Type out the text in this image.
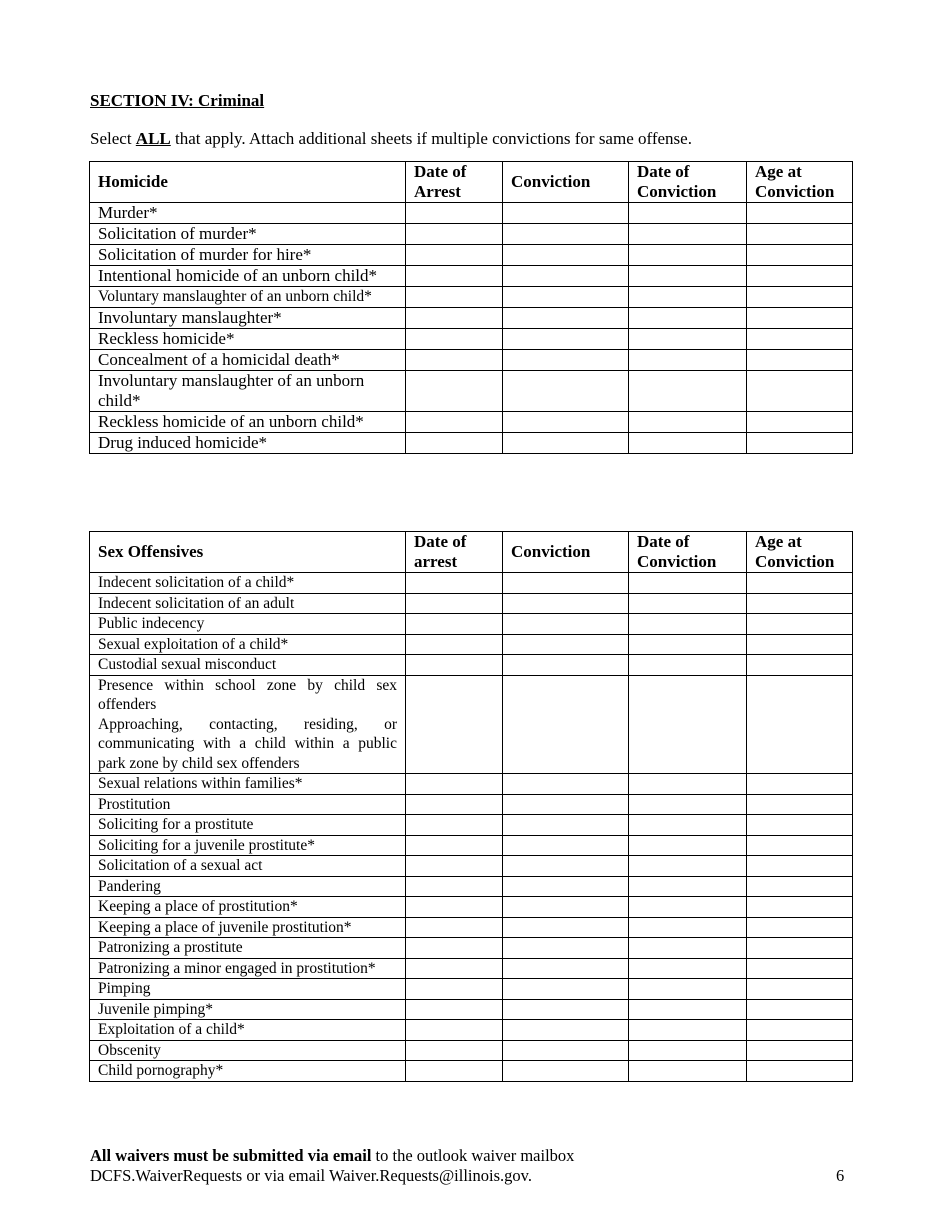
SECTION IV: Criminal
Select ALL that apply. Attach additional sheets if multiple convictions for same offense.
Homicide	Date of Arrest	Conviction	Date of Conviction	Age at Conviction
Murder*				
Solicitation of murder*				
Solicitation of murder for hire*				
Intentional homicide of an unborn child*				
Voluntary manslaughter of an unborn child*				
Involuntary manslaughter*				
Reckless homicide*				
Concealment of a homicidal death*				
Involuntary manslaughter of an unborn child*				
Reckless homicide of an unborn child*				
Drug induced homicide*				
Sex Offensives	Date of arrest	Conviction	Date of Conviction	Age at Conviction
Indecent solicitation of a child*				
Indecent solicitation of an adult				
Public indecency				
Sexual exploitation of a child*				
Custodial sexual misconduct				

Presence within school zone by child sex offenders
Approaching, contacting, residing, or communicating with a child within a public park zone by child sex offenders				

Sexual relations within families*				
Prostitution				
Soliciting for a prostitute				
Soliciting for a juvenile prostitute*				
Solicitation of a sexual act				
Pandering				
Keeping a place of prostitution*				
Keeping a place of juvenile prostitution*				
Patronizing a prostitute				
Patronizing a minor engaged in prostitution*				
Pimping				
Juvenile pimping*				
Exploitation of a child*				
Obscenity				
Child pornography*				
All waivers must be submitted via email to the outlook waiver mailbox
DCFS.WaiverRequests or via email Waiver.Requests@illinois.gov.	6
